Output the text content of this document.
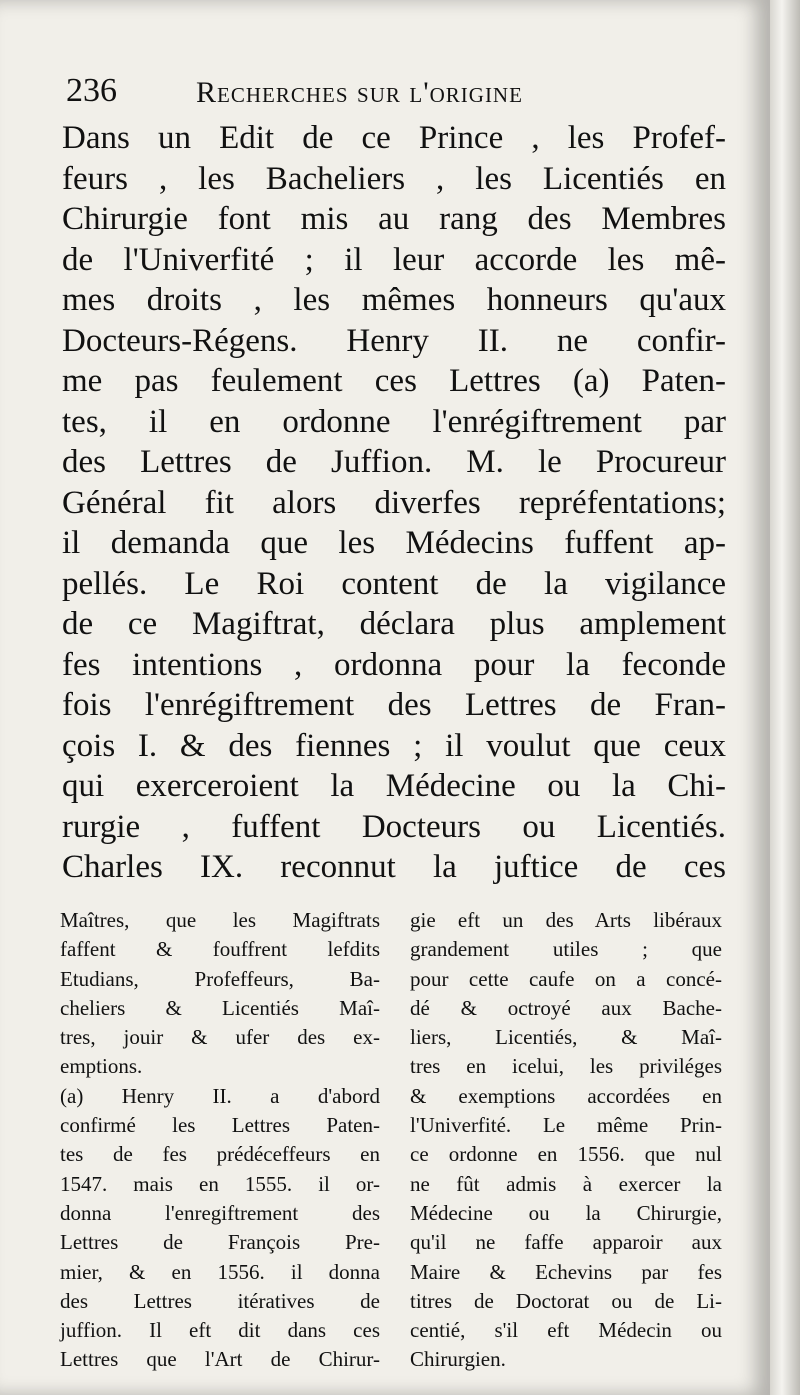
236	Recherches sur l'origine
Dans un Edit de ce Prince , les Profef-
feurs , les Bacheliers , les Licentiés en
Chirurgie font mis au rang des Membres
de l'Univerfité ; il leur accorde les mê-
mes droits , les mêmes honneurs qu'aux
Docteurs-Régens. Henry II. ne confir-
me pas feulement ces Lettres (a) Paten-
tes, il en ordonne l'enrégiftrement par
des Lettres de Juffion. M. le Procureur
Général fit alors diverfes repréfentations;
il demanda que les Médecins fuffent ap-
pellés. Le Roi content de la vigilance
de ce Magiftrat, déclara plus amplement
fes intentions , ordonna pour la feconde
fois l'enrégiftrement des Lettres de Fran-
çois I. & des fiennes ; il voulut que ceux
qui exerceroient la Médecine ou la Chi-
rurgie , fuffent Docteurs ou Licentiés.
Charles IX. reconnut la juftice de ces
Maîtres, que les Magiftrats
faffent & fouffrent lefdits
Etudians, Profeffeurs, Ba-
cheliers & Licentiés Maî-
tres, jouir & ufer des ex-
emptions.
(a) Henry II. a d'abord
confirmé les Lettres Paten-
tes de fes prédéceffeurs en
1547. mais en 1555. il or-
donna l'enregiftrement des
Lettres de François Pre-
mier, & en 1556. il donna
des Lettres itératives de
juffion. Il eft dit dans ces
Lettres que l'Art de Chirur-
gie eft un des Arts libéraux
grandement utiles ; que
pour cette caufe on a concé-
dé & octroyé aux Bache-
liers, Licentiés, & Maî-
tres en icelui, les priviléges
& exemptions accordées en
l'Univerfité. Le même Prin-
ce ordonne en 1556. que nul
ne fût admis à exercer la
Médecine ou la Chirurgie,
qu'il ne faffe apparoir aux
Maire & Echevins par fes
titres de Doctorat ou de Li-
centié, s'il eft Médecin ou
Chirurgien.
